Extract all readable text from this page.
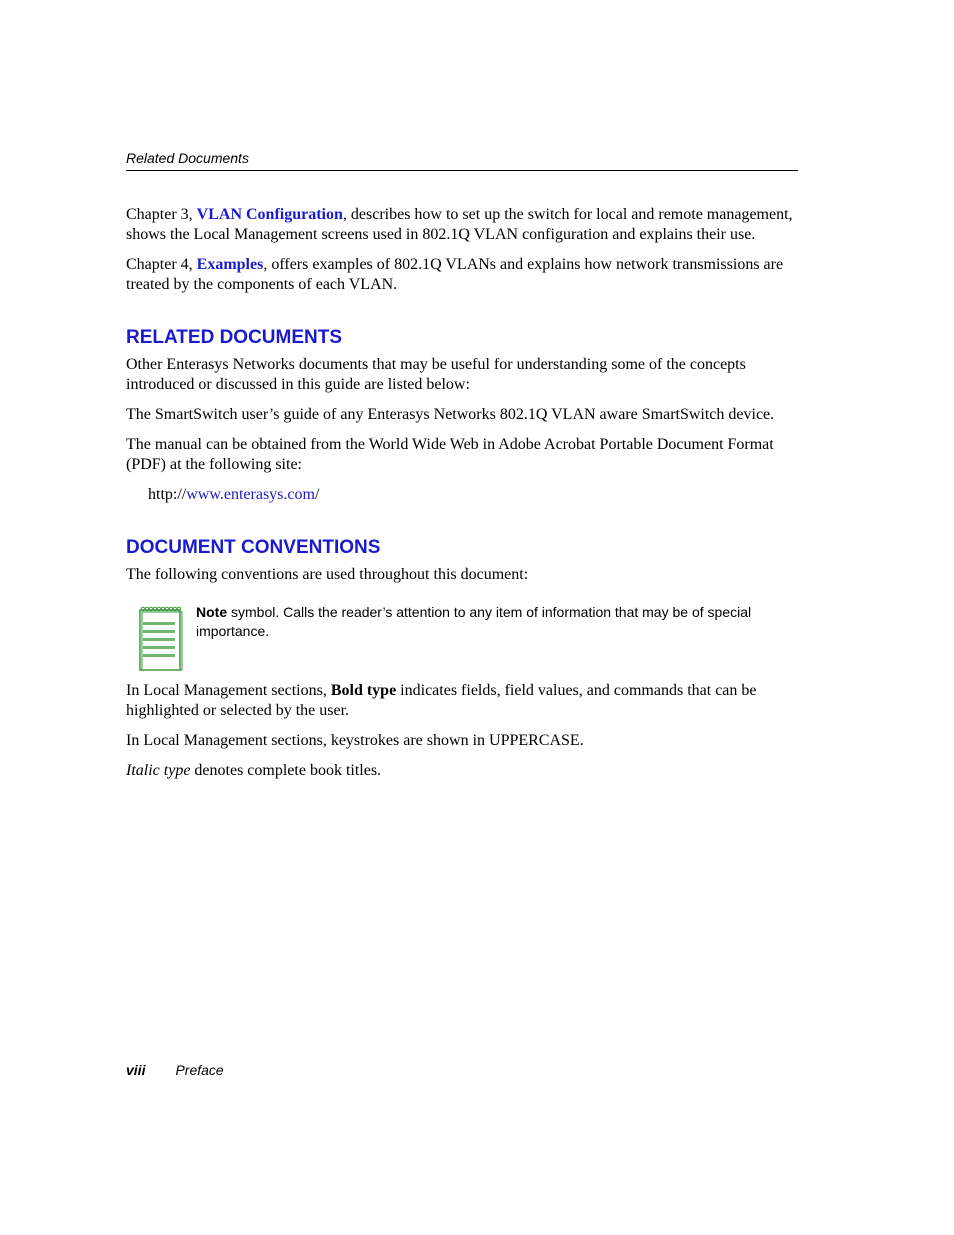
Related Documents

Chapter 3, VLAN Configuration, describes how to set up the switch for local and remote management, shows the Local Management screens used in 802.1Q VLAN configuration and explains their use.

Chapter 4, Examples, offers examples of 802.1Q VLANs and explains how network transmissions are treated by the components of each VLAN.

RELATED DOCUMENTS

Other Enterasys Networks documents that may be useful for understanding some of the concepts introduced or discussed in this guide are listed below:

The SmartSwitch user’s guide of any Enterasys Networks 802.1Q VLAN aware SmartSwitch device.

The manual can be obtained from the World Wide Web in Adobe Acrobat Portable Document Format (PDF) at the following site:

http://www.enterasys.com/

DOCUMENT CONVENTIONS

The following conventions are used throughout this document:

Note symbol. Calls the reader’s attention to any item of information that may be of special importance.

In Local Management sections, Bold type indicates fields, field values, and commands that can be highlighted or selected by the user.

In Local Management sections, keystrokes are shown in UPPERCASE.

Italic type denotes complete book titles.

viii Preface
